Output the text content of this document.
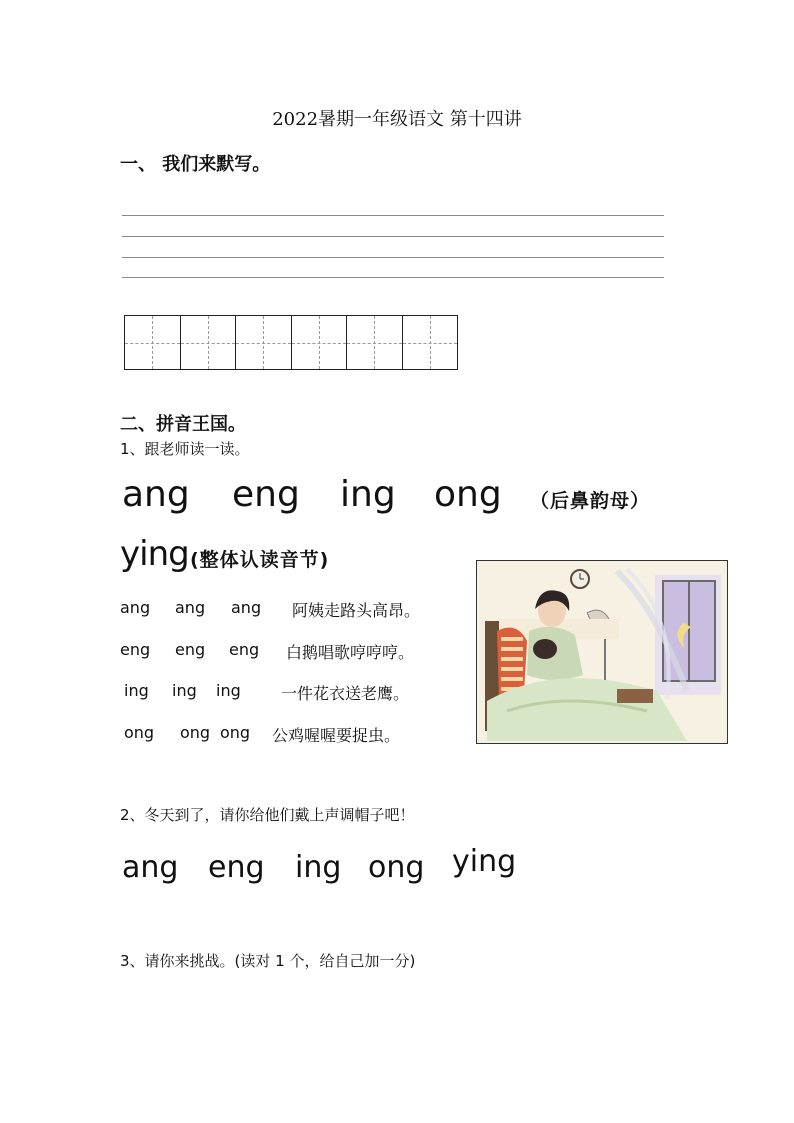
2022暑期一年级语文 第十四讲
一、 我们来默写。
二、拼音王国。
1、跟老师读一读。
ang eng ing ong （后鼻韵母）
ying (整体认读音节)
ang ang ang 阿姨走路头高昂。
eng eng eng 白鹅唱歌哼哼哼。
ing ing ing	一件花衣送老鹰。
ong ong ong 公鸡喔喔要捉虫。
2、冬天到了，请你给他们戴上声调帽子吧！
ang eng ing ong ying
3、请你来挑战。(读对 1 个，给自己加一分)
